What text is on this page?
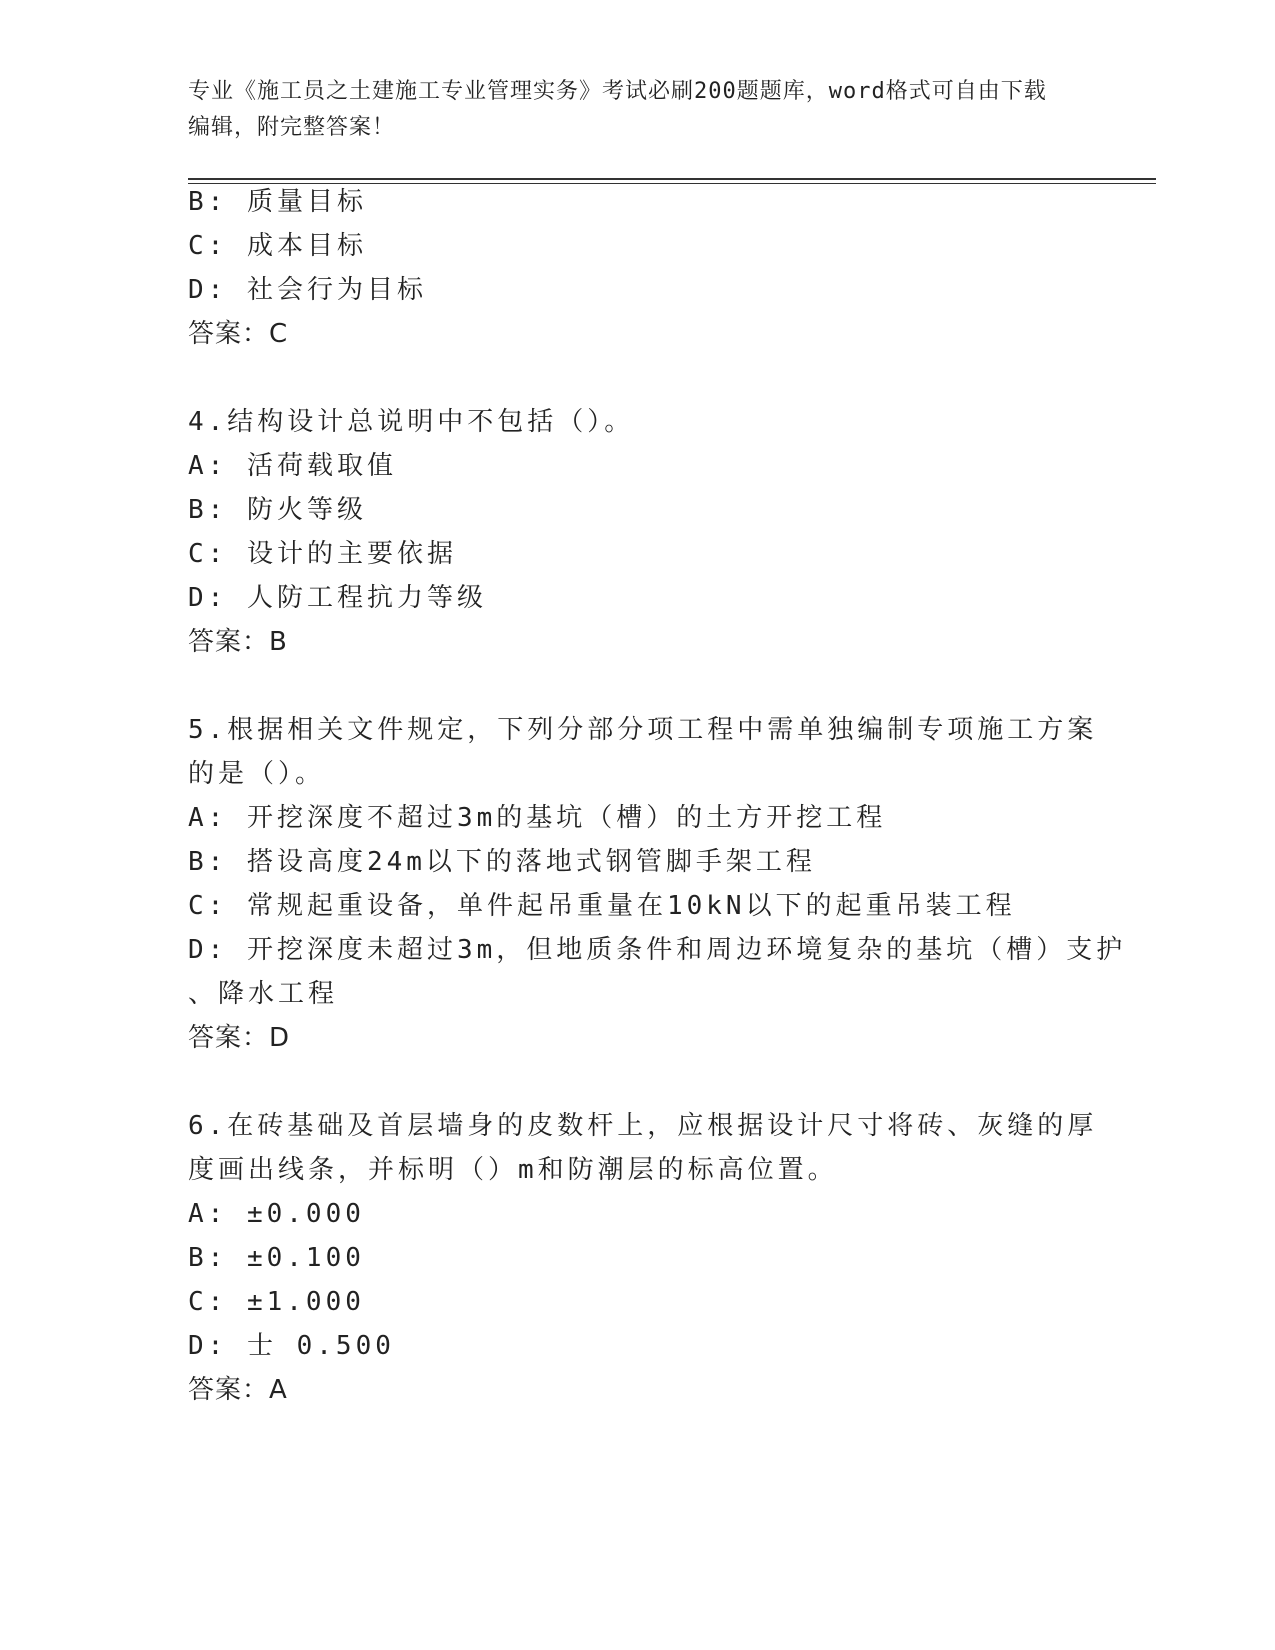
专业《施工员之土建施工专业管理实务》考试必刷200题题库，word格式可自由下载编辑，附完整答案！
B: 质量目标
C: 成本目标
D: 社会行为目标
答案：C
4.结构设计总说明中不包括（）。
A: 活荷载取值
B: 防火等级
C: 设计的主要依据
D: 人防工程抗力等级
答案：B
5.根据相关文件规定，下列分部分项工程中需单独编制专项施工方案
的是（）。
A: 开挖深度不超过3m的基坑（槽）的土方开挖工程
B: 搭设高度24m以下的落地式钢管脚手架工程
C: 常规起重设备，单件起吊重量在10kN以下的起重吊装工程
D: 开挖深度未超过3m，但地质条件和周边环境复杂的基坑（槽）支护
、降水工程
答案：D
6.在砖基础及首层墙身的皮数杆上，应根据设计尺寸将砖、灰缝的厚
度画出线条，并标明（）m和防潮层的标高位置。
A: ±0.000
B: ±0.100
C: ±1.000
D: 士 0.500
答案：A
